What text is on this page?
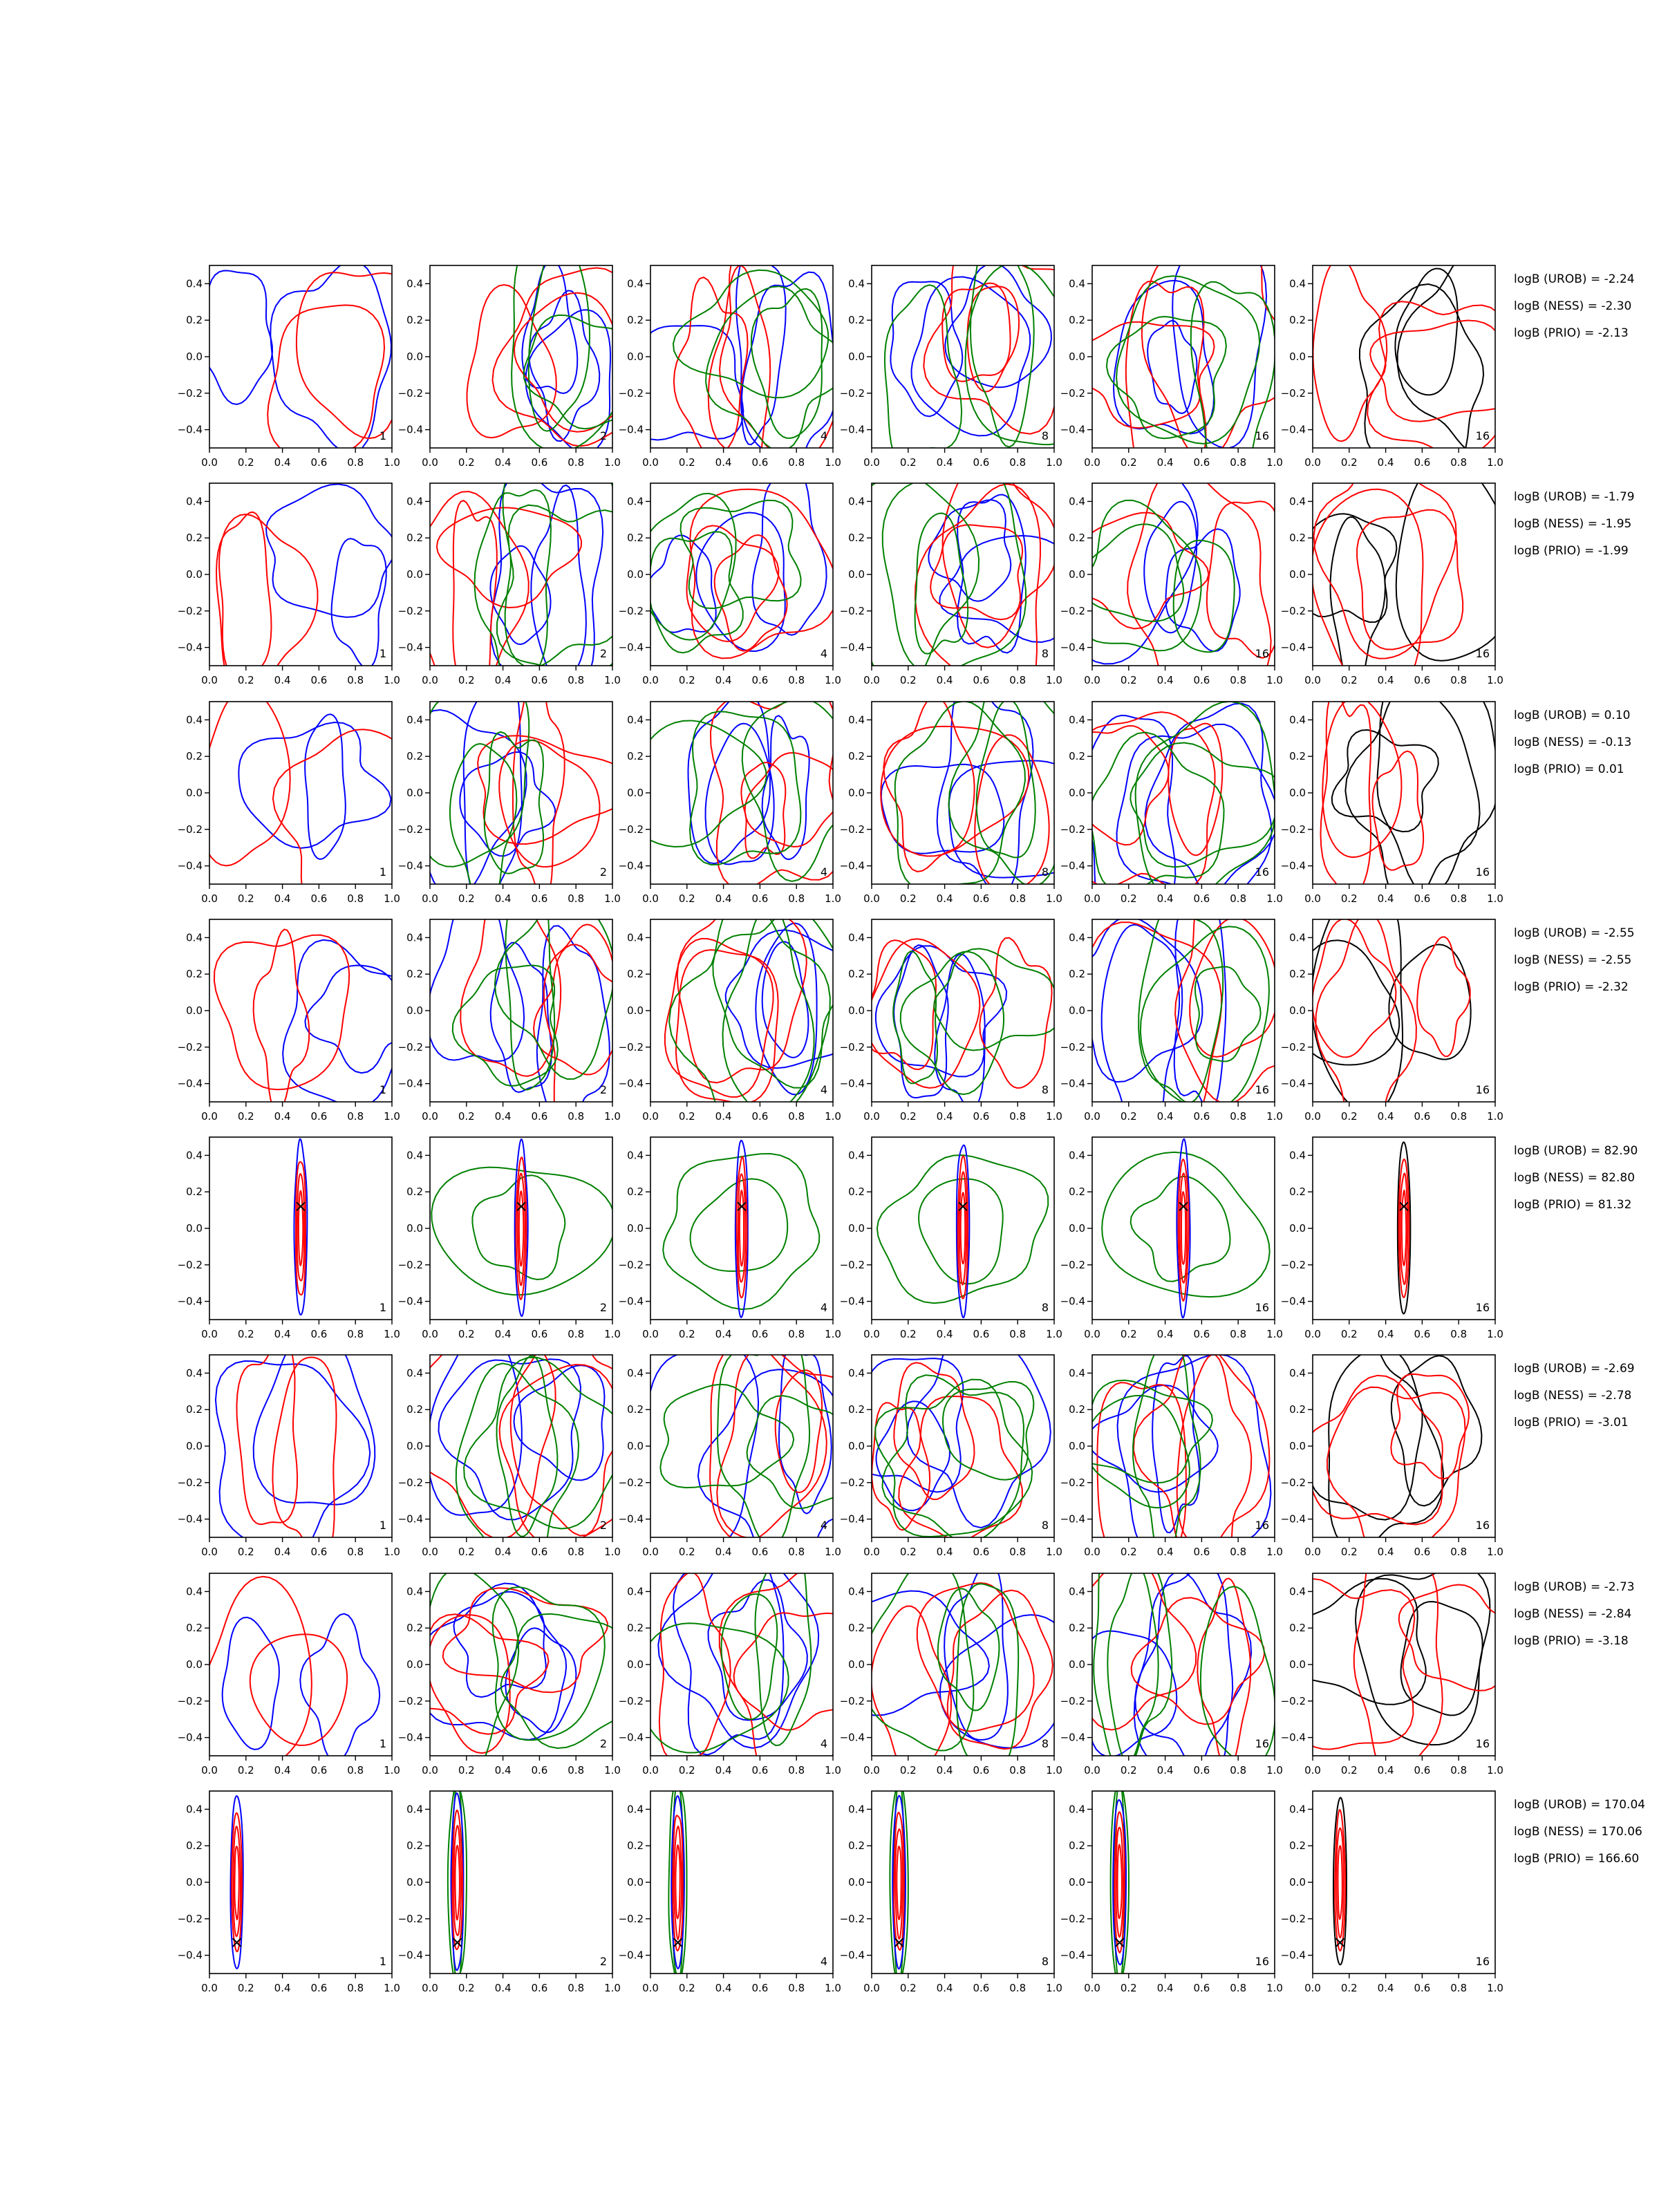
0.0 0.2 0.4 0.6 0.8 1.0
0.4
0.2
0.0
−0.2
−0.4	1
0.0 0.2 0.4 0.6 0.8 1.0
0.4
0.2
0.0
−0.2
−0.4	2
0.0 0.2 0.4 0.6 0.8 1.0
0.4
0.2
0.0
−0.2
−0.4	4
0.0 0.2 0.4 0.6 0.8 1.0
0.4
0.2
0.0
−0.2
−0.4	8
0.0 0.2 0.4 0.6 0.8 1.0
0.4
0.2
0.0
−0.2
−0.4	16
0.0 0.2 0.4 0.6 0.8 1.0
0.4
0.2
0.0
−0.2
−0.4	16
logB (UROB) = -2.24
logB (NESS) = -2.30
logB (PRIO) = -2.13
0.0 0.2 0.4 0.6 0.8 1.0
0.4
0.2
0.0
−0.2
−0.4	1
0.0 0.2 0.4 0.6 0.8 1.0
0.4
0.2
0.0
−0.2
−0.4	2
0.0 0.2 0.4 0.6 0.8 1.0
0.4
0.2
0.0
−0.2
−0.4	4
0.0 0.2 0.4 0.6 0.8 1.0
0.4
0.2
0.0
−0.2
−0.4	8
0.0 0.2 0.4 0.6 0.8 1.0
0.4
0.2
0.0
−0.2
−0.4	16
0.0 0.2 0.4 0.6 0.8 1.0
0.4
0.2
0.0
−0.2
−0.4	16
logB (UROB) = -1.79
logB (NESS) = -1.95
logB (PRIO) = -1.99
0.0 0.2 0.4 0.6 0.8 1.0
0.4
0.2
0.0
−0.2
−0.4	1
0.0 0.2 0.4 0.6 0.8 1.0
0.4
0.2
0.0
−0.2
−0.4	2
0.0 0.2 0.4 0.6 0.8 1.0
0.4
0.2
0.0
−0.2
−0.4	4
0.0 0.2 0.4 0.6 0.8 1.0
0.4
0.2
0.0
−0.2
−0.4	8
0.0 0.2 0.4 0.6 0.8 1.0
0.4
0.2
0.0
−0.2
−0.4	16
0.0 0.2 0.4 0.6 0.8 1.0
0.4
0.2
0.0
−0.2
−0.4	16
logB (UROB) = 0.10
logB (NESS) = -0.13
logB (PRIO) = 0.01
0.0 0.2 0.4 0.6 0.8 1.0
0.4
0.2
0.0
−0.2
−0.4	1
0.0 0.2 0.4 0.6 0.8 1.0
0.4
0.2
0.0
−0.2
−0.4	2
0.0 0.2 0.4 0.6 0.8 1.0
0.4
0.2
0.0
−0.2
−0.4	4
0.0 0.2 0.4 0.6 0.8 1.0
0.4
0.2
0.0
−0.2
−0.4	8
0.0 0.2 0.4 0.6 0.8 1.0
0.4
0.2
0.0
−0.2
−0.4	16
0.0 0.2 0.4 0.6 0.8 1.0
0.4
0.2
0.0
−0.2
−0.4	16
logB (UROB) = -2.55
logB (NESS) = -2.55
logB (PRIO) = -2.32
0.0 0.2 0.4 0.6 0.8 1.0
0.4
0.2
0.0
−0.2
−0.4	1
0.0 0.2 0.4 0.6 0.8 1.0
0.4
0.2
0.0
−0.2
−0.4	2
0.0 0.2 0.4 0.6 0.8 1.0
0.4
0.2
0.0
−0.2
−0.4	4
0.0 0.2 0.4 0.6 0.8 1.0
0.4
0.2
0.0
−0.2
−0.4	8
0.0 0.2 0.4 0.6 0.8 1.0
0.4
0.2
0.0
−0.2
−0.4	16
0.0 0.2 0.4 0.6 0.8 1.0
0.4
0.2
0.0
−0.2
−0.4	16
logB (UROB) = 82.90
logB (NESS) = 82.80
logB (PRIO) = 81.32
0.0 0.2 0.4 0.6 0.8 1.0
0.4
0.2
0.0
−0.2
−0.4	1
0.0 0.2 0.4 0.6 0.8 1.0
0.4
0.2
0.0
−0.2
−0.4	2
0.0 0.2 0.4 0.6 0.8 1.0
0.4
0.2
0.0
−0.2
−0.4	4
0.0 0.2 0.4 0.6 0.8 1.0
0.4
0.2
0.0
−0.2
−0.4	8
0.0 0.2 0.4 0.6 0.8 1.0
0.4
0.2
0.0
−0.2
−0.4	16
0.0 0.2 0.4 0.6 0.8 1.0
0.4
0.2
0.0
−0.2
−0.4	16
logB (UROB) = -2.69
logB (NESS) = -2.78
logB (PRIO) = -3.01
0.0 0.2 0.4 0.6 0.8 1.0
0.4
0.2
0.0
−0.2
−0.4	1
0.0 0.2 0.4 0.6 0.8 1.0
0.4
0.2
0.0
−0.2
−0.4	2
0.0 0.2 0.4 0.6 0.8 1.0
0.4
0.2
0.0
−0.2
−0.4	4
0.0 0.2 0.4 0.6 0.8 1.0
0.4
0.2
0.0
−0.2
−0.4	8
0.0 0.2 0.4 0.6 0.8 1.0
0.4
0.2
0.0
−0.2
−0.4	16
0.0 0.2 0.4 0.6 0.8 1.0
0.4
0.2
0.0
−0.2
−0.4	16
logB (UROB) = -2.73
logB (NESS) = -2.84
logB (PRIO) = -3.18
0.0 0.2 0.4 0.6 0.8 1.0
0.4
0.2
0.0
−0.2
−0.4	1
0.0 0.2 0.4 0.6 0.8 1.0
0.4
0.2
0.0
−0.2
−0.4	2
0.0 0.2 0.4 0.6 0.8 1.0
0.4
0.2
0.0
−0.2
−0.4	4
0.0 0.2 0.4 0.6 0.8 1.0
0.4
0.2
0.0
−0.2
−0.4	8
0.0 0.2 0.4 0.6 0.8 1.0
0.4
0.2
0.0
−0.2
−0.4	16
0.0 0.2 0.4 0.6 0.8 1.0
0.4
0.2
0.0
−0.2
−0.4	16
logB (UROB) = 170.04
logB (NESS) = 170.06
logB (PRIO) = 166.60
